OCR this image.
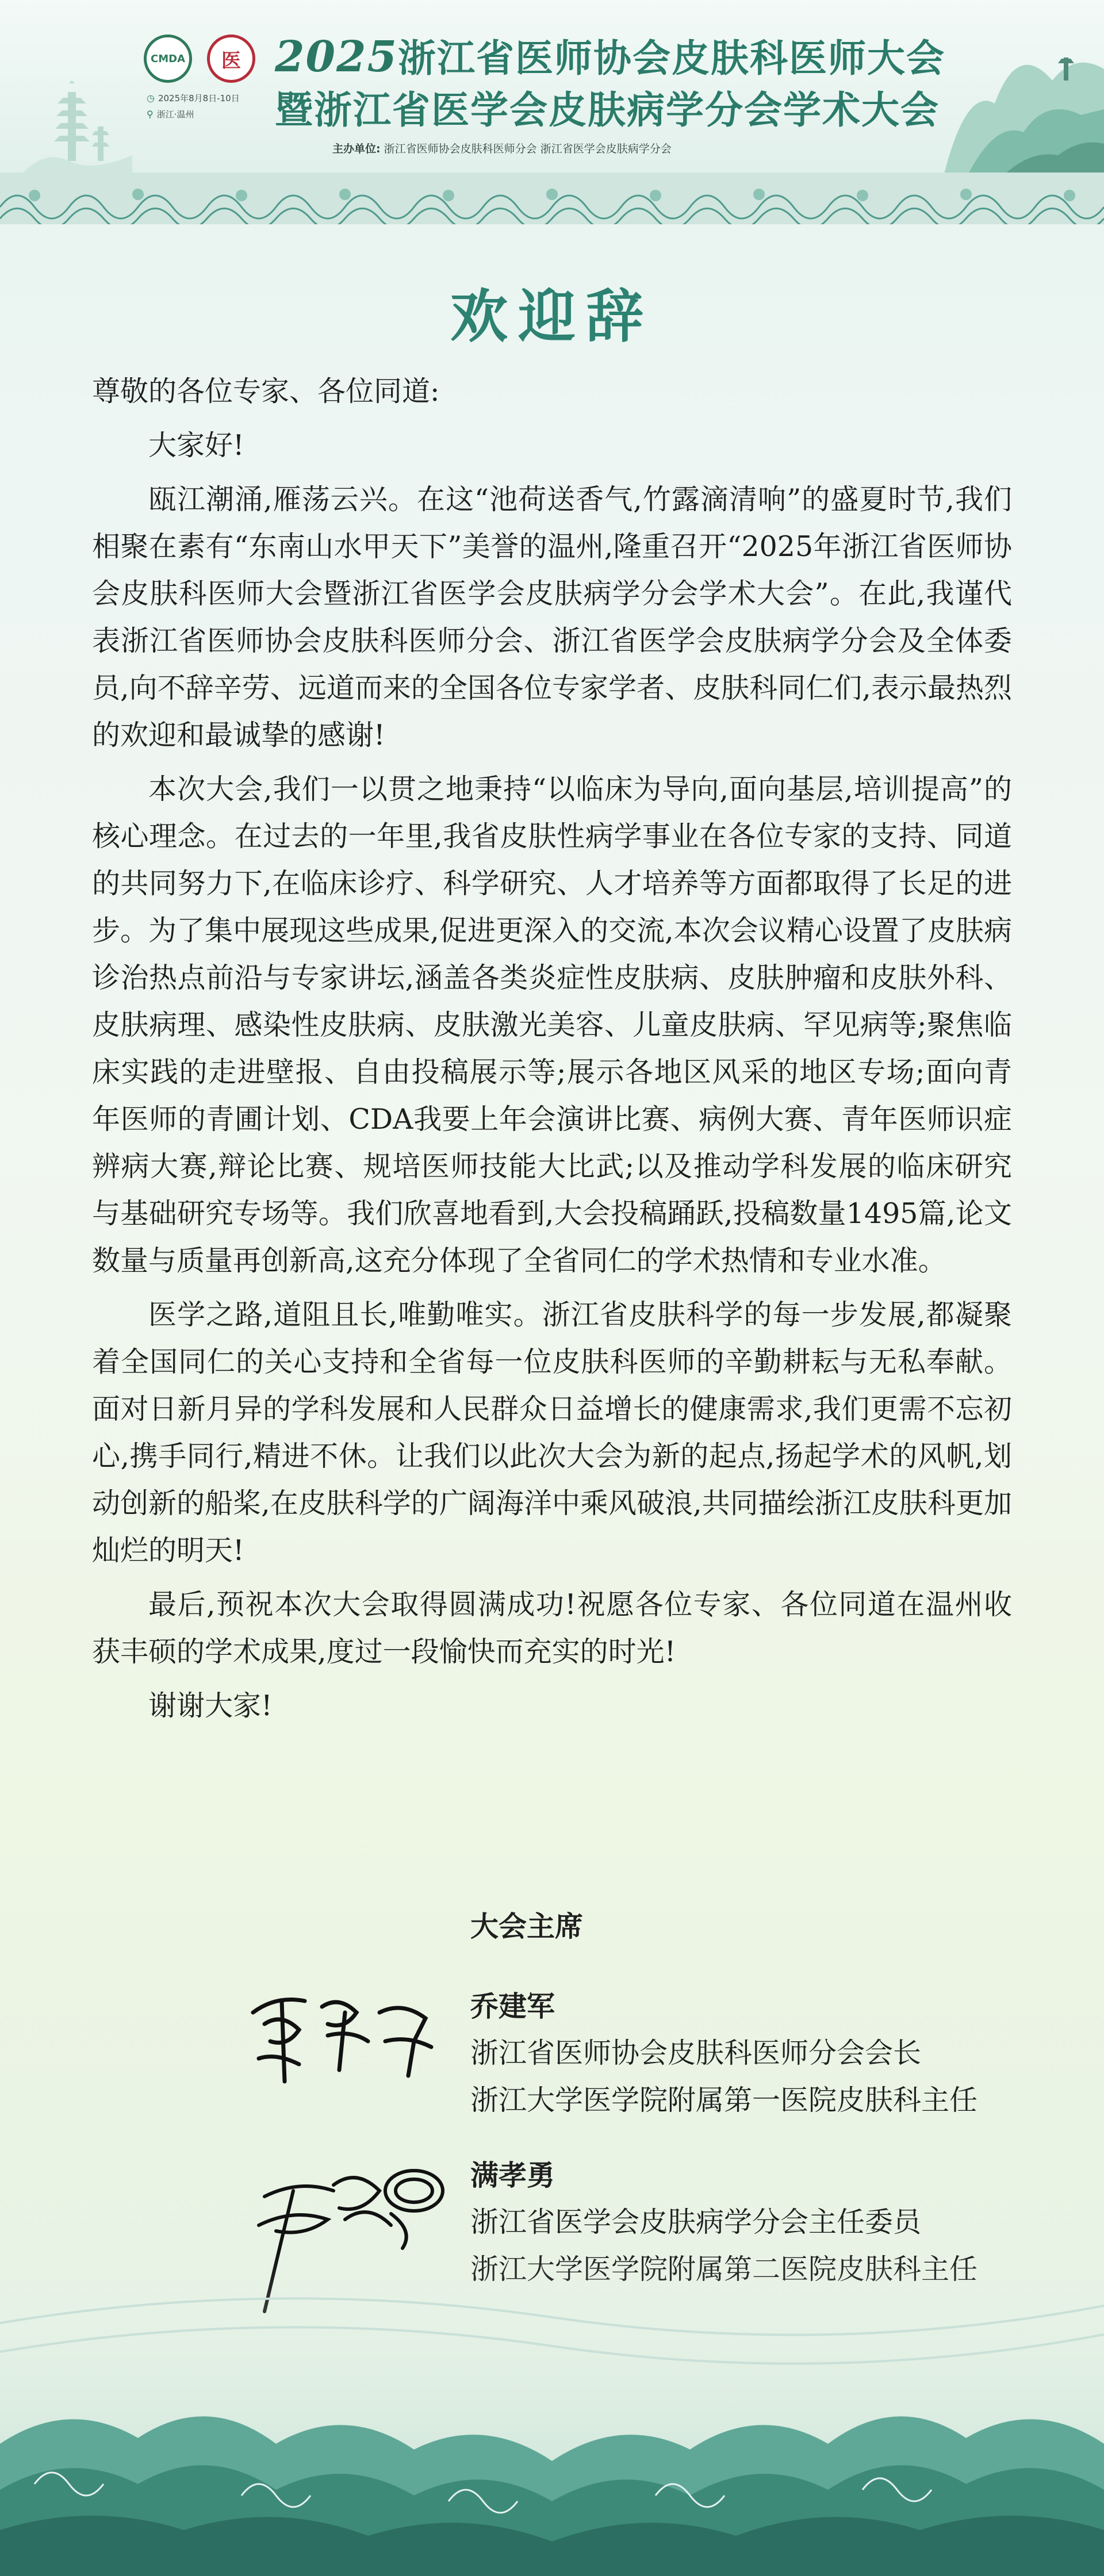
CMDA 医
◷ 2025年8月8日-10日
⚲ 浙江·温州
2025浙江省医师协会皮肤科医师大会
暨浙江省医学会皮肤病学分会学术大会
主办单位: 浙江省医师协会皮肤科医师分会 浙江省医学会皮肤病学分会
欢迎辞

尊敬的各位专家、各位同道:

大家好!

瓯江潮涌,雁荡云兴。在这“池荷送香气,竹露滴清响”的盛夏时节,我们相聚在素有“东南山水甲天下”美誉的温州,隆重召开“2025年浙江省医师协会皮肤科医师大会暨浙江省医学会皮肤病学分会学术大会”。在此,我谨代表浙江省医师协会皮肤科医师分会、浙江省医学会皮肤病学分会及全体委员,向不辞辛劳、远道而来的全国各位专家学者、皮肤科同仁们,表示最热烈的欢迎和最诚挚的感谢!

本次大会,我们一以贯之地秉持“以临床为导向,面向基层,培训提高”的核心理念。在过去的一年里,我省皮肤性病学事业在各位专家的支持、同道的共同努力下,在临床诊疗、科学研究、人才培养等方面都取得了长足的进步。为了集中展现这些成果,促进更深入的交流,本次会议精心设置了皮肤病诊治热点前沿与专家讲坛,涵盖各类炎症性皮肤病、皮肤肿瘤和皮肤外科、皮肤病理、感染性皮肤病、皮肤激光美容、儿童皮肤病、罕见病等;聚焦临床实践的走进壁报、自由投稿展示等;展示各地区风采的地区专场;面向青年医师的青圃计划、CDA我要上年会演讲比赛、病例大赛、青年医师识症辨病大赛,辩论比赛、规培医师技能大比武;以及推动学科发展的临床研究与基础研究专场等。我们欣喜地看到,大会投稿踊跃,投稿数量1495篇,论文数量与质量再创新高,这充分体现了全省同仁的学术热情和专业水准。

医学之路,道阻且长,唯勤唯实。浙江省皮肤科学的每一步发展,都凝聚着全国同仁的关心支持和全省每一位皮肤科医师的辛勤耕耘与无私奉献。面对日新月异的学科发展和人民群众日益增长的健康需求,我们更需不忘初心,携手同行,精进不休。让我们以此次大会为新的起点,扬起学术的风帆,划动创新的船桨,在皮肤科学的广阔海洋中乘风破浪,共同描绘浙江皮肤科更加灿烂的明天!

最后,预祝本次大会取得圆满成功!祝愿各位专家、各位同道在温州收获丰硕的学术成果,度过一段愉快而充实的时光!

谢谢大家!

大会主席
乔建军
浙江省医师协会皮肤科医师分会会长
浙江大学医学院附属第一医院皮肤科主任
满孝勇
浙江省医学会皮肤病学分会主任委员
